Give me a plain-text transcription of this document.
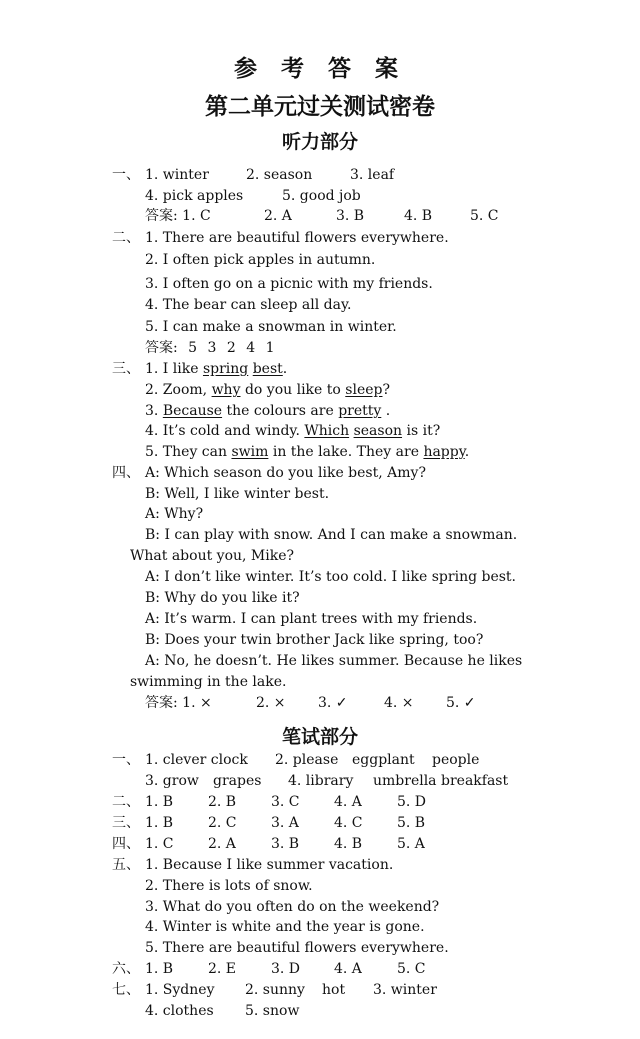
参 考 答 案
第二单元过关测试密卷
听力部分
一、 1. winter	2. season	3. leaf
4. pick apples	5. good job
答案: 1. C	2. A	3. B	4. B	5. C
二、 1. There are beautiful flowers everywhere.
2. I often pick apples in autumn.
3. I often go on a picnic with my friends.
4. The bear can sleep all day.
5. I can make a snowman in winter.
答案: 5 3 2 4 1
三、 1. I like spring best.
2. Zoom, why do you like to sleep?
3. Because the colours are pretty .
4. It’s cold and windy. Which season is it?
5. They can swim in the lake. They are happy.
四、 A: Which season do you like best, Amy?
B: Well, I like winter best.
A: Why?
B: I can play with snow. And I can make a snowman.
What about you, Mike?
A: I don’t like winter. It’s too cold. I like spring best.
B: Why do you like it?
A: It’s warm. I can plant trees with my friends.
B: Does your twin brother Jack like spring, too?
A: No, he doesn’t. He likes summer. Because he likes
swimming in the lake.
答案: 1. ×	2. × 3. ✓	4. × 5. ✓
笔试部分
一、 1. clever clock 2. please eggplant people
3. grow grapes 4. library umbrella breakfast
二、 1. B 2. B 3. C 4. A	5. D
三、 1. B 2. C 3. A	4. C 5. B
四、 1. C 2. A	3. B 4. B 5. A
五、 1. Because I like summer vacation.
2. There is lots of snow.
3. What do you often do on the weekend?
4. Winter is white and the year is gone.
5. There are beautiful flowers everywhere.
六、 1. B 2. E 3. D 4. A	5. C
七、 1. Sydney 2. sunny hot 3. winter
4. clothes 5. snow
